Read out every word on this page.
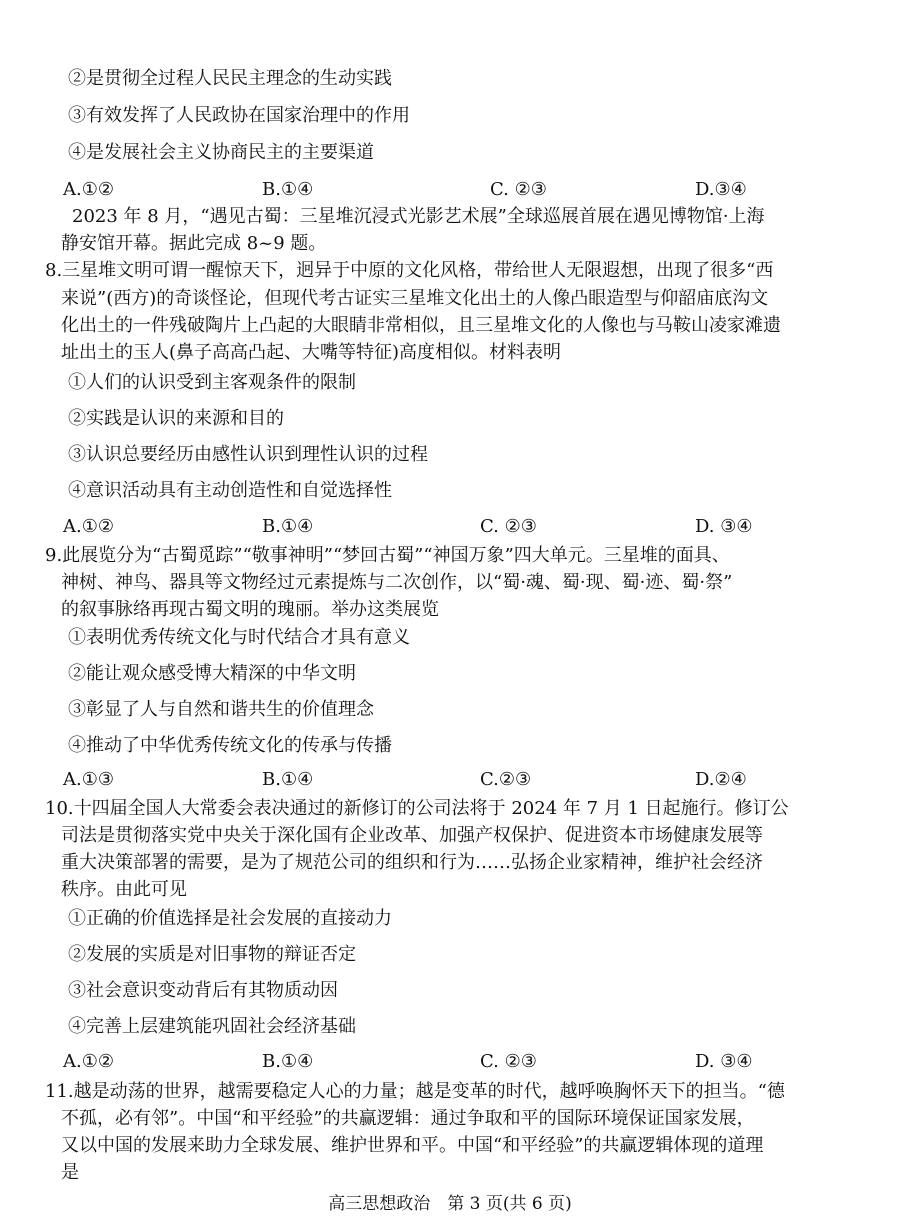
②是贯彻全过程人民民主理念的生动实践
③有效发挥了人民政协在国家治理中的作用
④是发展社会主义协商民主的主要渠道
A.①②	B.①④	C. ②③	D.③④
2023 年 8 月，“遇见古蜀：三星堆沉浸式光影艺术展”全球巡展首展在遇见博物馆·上海
静安馆开幕。据此完成 8~9 题。
8.三星堆文明可谓一醒惊天下，迥异于中原的文化风格，带给世人无限遐想，出现了很多“西
来说”(西方)的奇谈怪论，但现代考古证实三星堆文化出土的人像凸眼造型与仰韶庙底沟文
化出土的一件残破陶片上凸起的大眼睛非常相似，且三星堆文化的人像也与马鞍山凌家滩遗
址出土的玉人(鼻子高高凸起、大嘴等特征)高度相似。材料表明
①人们的认识受到主客观条件的限制
②实践是认识的来源和目的
③认识总要经历由感性认识到理性认识的过程
④意识活动具有主动创造性和自觉选择性
A.①②	B.①④	C. ②③	D. ③④
9.此展览分为“古蜀觅踪”“敬事神明”“梦回古蜀”“神国万象”四大单元。三星堆的面具、
神树、神鸟、器具等文物经过元素提炼与二次创作，以“蜀·魂、蜀·现、蜀·迹、蜀·祭”
的叙事脉络再现古蜀文明的瑰丽。举办这类展览
①表明优秀传统文化与时代结合才具有意义
②能让观众感受博大精深的中华文明
③彰显了人与自然和谐共生的价值理念
④推动了中华优秀传统文化的传承与传播
A.①③	B.①④	C.②③	D.②④
10.十四届全国人大常委会表决通过的新修订的公司法将于 2024 年 7 月 1 日起施行。修订公
司法是贯彻落实党中央关于深化国有企业改革、加强产权保护、促进资本市场健康发展等
重大决策部署的需要，是为了规范公司的组织和行为……弘扬企业家精神，维护社会经济
秩序。由此可见
①正确的价值选择是社会发展的直接动力
②发展的实质是对旧事物的辩证否定
③社会意识变动背后有其物质动因
④完善上层建筑能巩固社会经济基础
A.①②	B.①④	C. ②③	D. ③④
11.越是动荡的世界，越需要稳定人心的力量；越是变革的时代，越呼唤胸怀天下的担当。“德
不孤，必有邻”。中国“和平经验”的共赢逻辑：通过争取和平的国际环境保证国家发展，
又以中国的发展来助力全球发展、维护世界和平。中国“和平经验”的共赢逻辑体现的道理
是
高三思想政治　第 3 页(共 6 页)
